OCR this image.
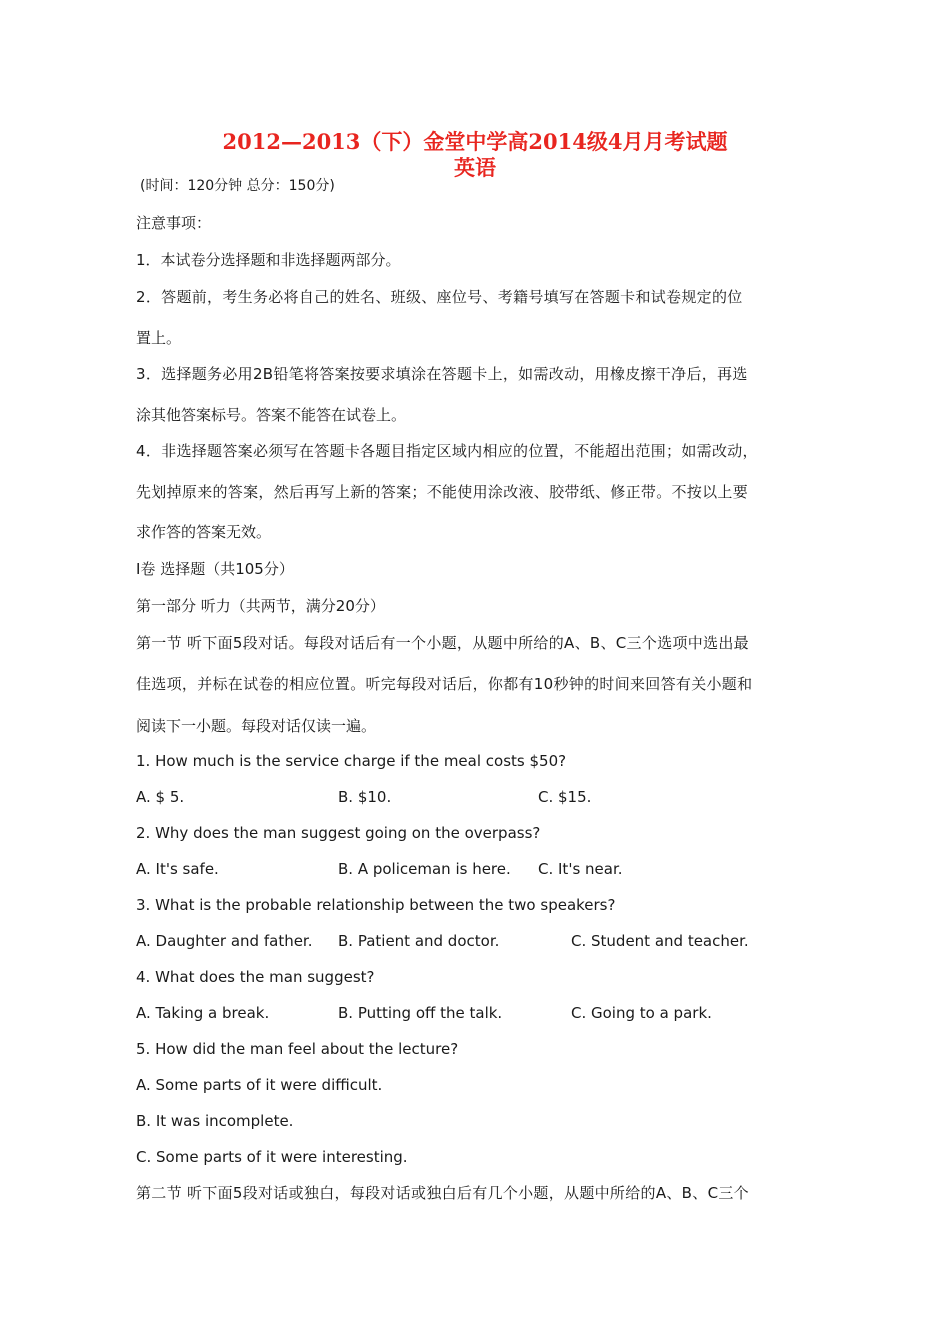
2012—2013（下）金堂中学高2014级4月月考试题
英语
(时间：120分钟 总分：150分)
注意事项：
1．本试卷分选择题和非选择题两部分。
2．答题前，考生务必将自己的姓名、班级、座位号、考籍号填写在答题卡和试卷规定的位
置上。
3．选择题务必用2B铅笔将答案按要求填涂在答题卡上，如需改动，用橡皮擦干净后，再选
涂其他答案标号。答案不能答在试卷上。
4．非选择题答案必须写在答题卡各题目指定区域内相应的位置，不能超出范围；如需改动，
先划掉原来的答案，然后再写上新的答案；不能使用涂改液、胶带纸、修正带。不按以上要
求作答的答案无效。
Ⅰ卷 选择题（共105分）
第一部分 听力（共两节，满分20分）
第一节 听下面5段对话。每段对话后有一个小题，从题中所给的A、B、C三个选项中选出最
佳选项，并标在试卷的相应位置。听完每段对话后，你都有10秒钟的时间来回答有关小题和
阅读下一小题。每段对话仅读一遍。
1. How much is the service charge if the meal costs $50?
A. $ 5.	B. $10.	C. $15.
2. Why does the man suggest going on the overpass?
A. It's safe.	B. A policeman is here. C. It's near.
3. What is the probable relationship between the two speakers?
A. Daughter and father. B. Patient and doctor.	C. Student and teacher.
4. What does the man suggest?
A. Taking a break.	B. Putting off the talk.	C. Going to a park.
5. How did the man feel about the lecture?
A. Some parts of it were difficult.
B. It was incomplete.
C. Some parts of it were interesting.
第二节 听下面5段对话或独白，每段对话或独白后有几个小题，从题中所给的A、B、C三个
